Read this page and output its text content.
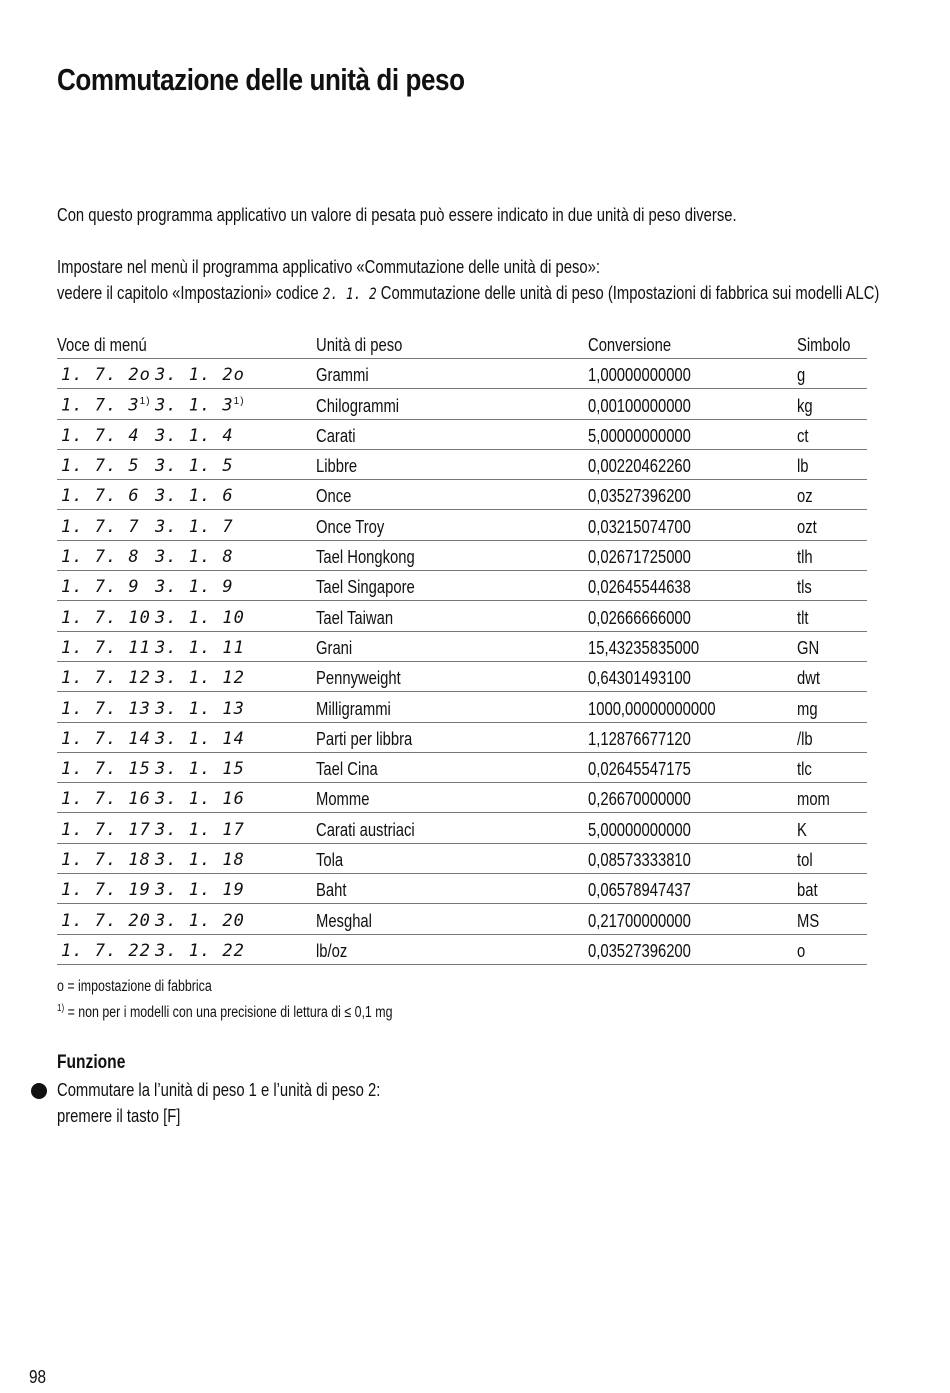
Commutazione delle unità di peso

Con questo programma applicativo un valore di pesata può essere indicato in due unità di peso diverse.

Impostare nel menù il programma applicativo «Commutazione delle unità di peso»:
vedere il capitolo «Impostazioni» codice 2. 1. 2 Commutazione delle unità di peso (Impostazioni di fabbrica sui modelli ALC)

Voce di menú	Unità di peso	Conversione	Simbolo
1. 7. 2o 3. 1. 2o	Grammi	1,00000000000	g
1. 7. 3$^{1)}$ 3. 1. 3$^{1)}$	Chilogrammi	0,00100000000	kg
1. 7. 4 3. 1. 4	Carati	5,00000000000	ct
1. 7. 5 3. 1. 5	Libbre	0,00220462260	lb
1. 7. 6 3. 1. 6	Once	0,03527396200	oz
1. 7. 7 3. 1. 7	Once Troy	0,03215074700	ozt
1. 7. 8 3. 1. 8	Tael Hongkong	0,02671725000	tlh
1. 7. 9 3. 1. 9	Tael Singapore	0,02645544638	tls
1. 7. 10 3. 1. 10	Tael Taiwan	0,02666666000	tlt
1. 7. 11 3. 1. 11	Grani	15,43235835000	GN
1. 7. 12 3. 1. 12	Pennyweight	0,64301493100	dwt
1. 7. 13 3. 1. 13	Milligrammi	1000,00000000000	mg
1. 7. 14 3. 1. 14	Parti per libbra	1,12876677120	/lb
1. 7. 15 3. 1. 15	Tael Cina	0,02645547175	tlc
1. 7. 16 3. 1. 16	Momme	0,26670000000	mom
1. 7. 17 3. 1. 17	Carati austriaci	5,00000000000	K
1. 7. 18 3. 1. 18	Tola	0,08573333810	tol
1. 7. 19 3. 1. 19	Baht	0,06578947437	bat
1. 7. 20 3. 1. 20	Mesghal	0,21700000000	MS
1. 7. 22 3. 1. 22	lb/oz	0,03527396200	o

o = impostazione di fabbrica

$^{1)}$ = non per i modelli con una precisione di lettura di ≤ 0,1 mg

Funzione

Commutare la l’unità di peso 1 e l’unità di peso 2:
premere il tasto [F]

98
